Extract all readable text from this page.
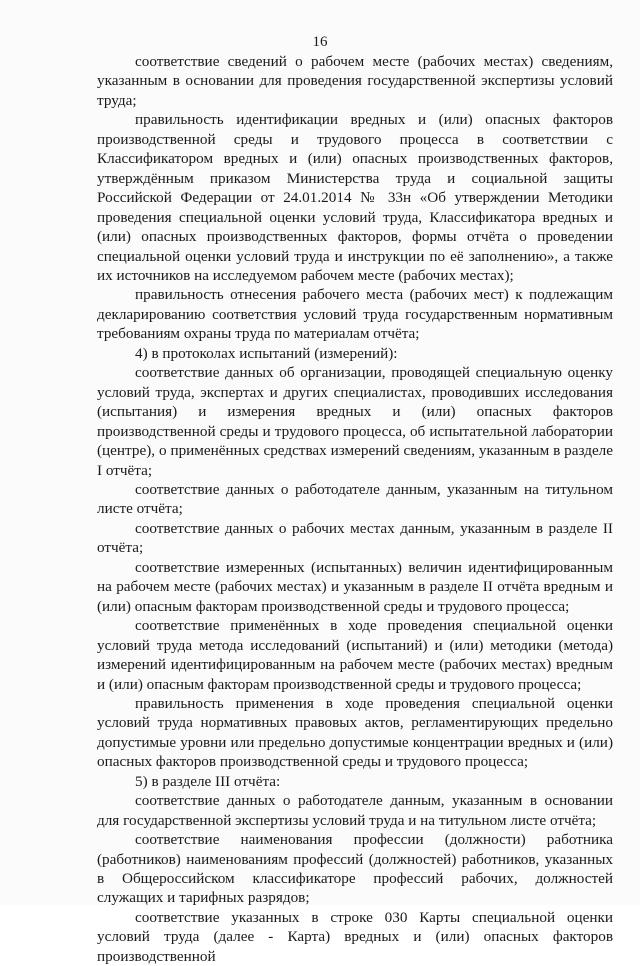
16

соответствие сведений о рабочем месте (рабочих местах) сведениям, указанным в основании для проведения государственной экспертизы условий труда;

правильность идентификации вредных и (или) опасных факторов производственной среды и трудового процесса в соответствии с Классификатором вредных и (или) опасных производственных факторов, утверждённым приказом Министерства труда и социальной защиты Российской Федерации от 24.01.2014 № 33н «Об утверждении Методики проведения специальной оценки условий труда, Классификатора вредных и (или) опасных производственных факторов, формы отчёта о проведении специальной оценки условий труда и инструкции по её заполнению», а также их источников на исследуемом рабочем месте (рабочих местах);

правильность отнесения рабочего места (рабочих мест) к подлежащим декларированию соответствия условий труда государственным нормативным требованиям охраны труда по материалам отчёта;

4) в протоколах испытаний (измерений):

соответствие данных об организации, проводящей специальную оценку условий труда, экспертах и других специалистах, проводивших исследования (испытания) и измерения вредных и (или) опасных факторов производственной среды и трудового процесса, об испытательной лаборатории (центре), о применённых средствах измерений сведениям, указанным в разделе I отчёта;

соответствие данных о работодателе данным, указанным на титульном листе отчёта;

соответствие данных о рабочих местах данным, указанным в разделе II отчёта;

соответствие измеренных (испытанных) величин идентифицированным на рабочем месте (рабочих местах) и указанным в разделе II отчёта вредным и (или) опасным факторам производственной среды и трудового процесса;

соответствие применённых в ходе проведения специальной оценки условий труда метода исследований (испытаний) и (или) методики (метода) измерений идентифицированным на рабочем месте (рабочих местах) вредным и (или) опасным факторам производственной среды и трудового процесса;

правильность применения в ходе проведения специальной оценки условий труда нормативных правовых актов, регламентирующих предельно допустимые уровни или предельно допустимые концентрации вредных и (или) опасных факторов производственной среды и трудового процесса;

5) в разделе III отчёта:

соответствие данных о работодателе данным, указанным в основании для государственной экспертизы условий труда и на титульном листе отчёта;

соответствие наименования профессии (должности) работника (работников) наименованиям профессий (должностей) работников, указанных в Общероссийском классификаторе профессий рабочих, должностей служащих и тарифных разрядов;

соответствие указанных в строке 030 Карты специальной оценки условий труда (далее - Карта) вредных и (или) опасных факторов производственной
